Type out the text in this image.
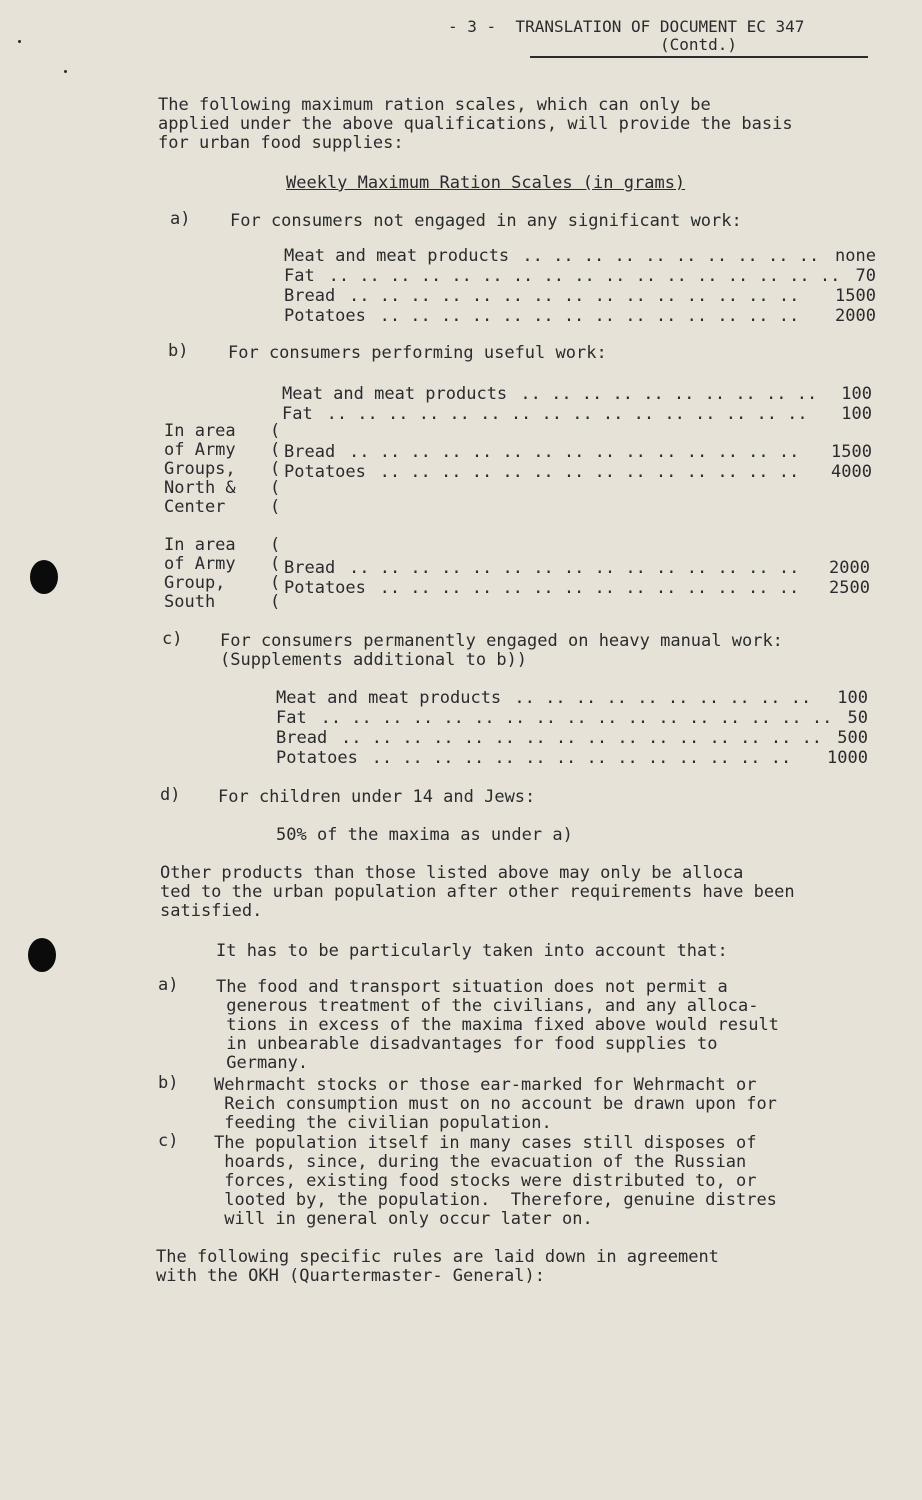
- 3 -  TRANSLATION OF DOCUMENT EC 347
(Contd.)
The following maximum ration scales, which can only be
applied under the above qualifications, will provide the basis
for urban food supplies:
Weekly Maximum Ration Scales (in grams)
a) For consumers not engaged in any significant work:
Meat and meat products .. .. .. .. .. .. .. .. .. .. none
Fat .. .. .. .. .. .. .. .. .. .. .. .. .. .. .. .. .. 70
Bread .. .. .. .. .. .. .. .. .. .. .. .. .. .. .. 1500
Potatoes .. .. .. .. .. .. .. .. .. .. .. .. .. .. 2000
b) For consumers performing useful work:
Meat and meat products .. .. .. .. .. .. .. .. .. .. 100
Fat .. .. .. .. .. .. .. .. .. .. .. .. .. .. .. .. 100
In area
of Army
Groups,
North &
Center
(
(
(
(
(
Bread .. .. .. .. .. .. .. .. .. .. .. .. .. .. .. 1500
Potatoes .. .. .. .. .. .. .. .. .. .. .. .. .. .. 4000
In area
of Army
Group,
South
(
(
(
(
Bread .. .. .. .. .. .. .. .. .. .. .. .. .. .. .. 2000
Potatoes .. .. .. .. .. .. .. .. .. .. .. .. .. .. 2500
c) For consumers permanently engaged on heavy manual work:
(Supplements additional to b))
Meat and meat products .. .. .. .. .. .. .. .. .. .. 100
Fat .. .. .. .. .. .. .. .. .. .. .. .. .. .. .. .. .. 50
Bread .. .. .. .. .. .. .. .. .. .. .. .. .. .. .. .. 500
Potatoes .. .. .. .. .. .. .. .. .. .. .. .. .. .. 1000
d) For children under 14 and Jews:
50% of the maxima as under a)
Other products than those listed above may only be alloca
ted to the urban population after other requirements have been
satisfied.
It has to be particularly taken into account that:
a) The food and transport situation does not permit a
generous treatment of the civilians, and any alloca-
tions in excess of the maxima fixed above would result
in unbearable disadvantages for food supplies to
Germany.
b) Wehrmacht stocks or those ear-marked for Wehrmacht or
Reich consumption must on no account be drawn upon for
feeding the civilian population.
c) The population itself in many cases still disposes of
hoards, since, during the evacuation of the Russian
forces, existing food stocks were distributed to, or
looted by, the population.  Therefore, genuine distres
will in general only occur later on.
The following specific rules are laid down in agreement
with the OKH (Quartermaster- General):
